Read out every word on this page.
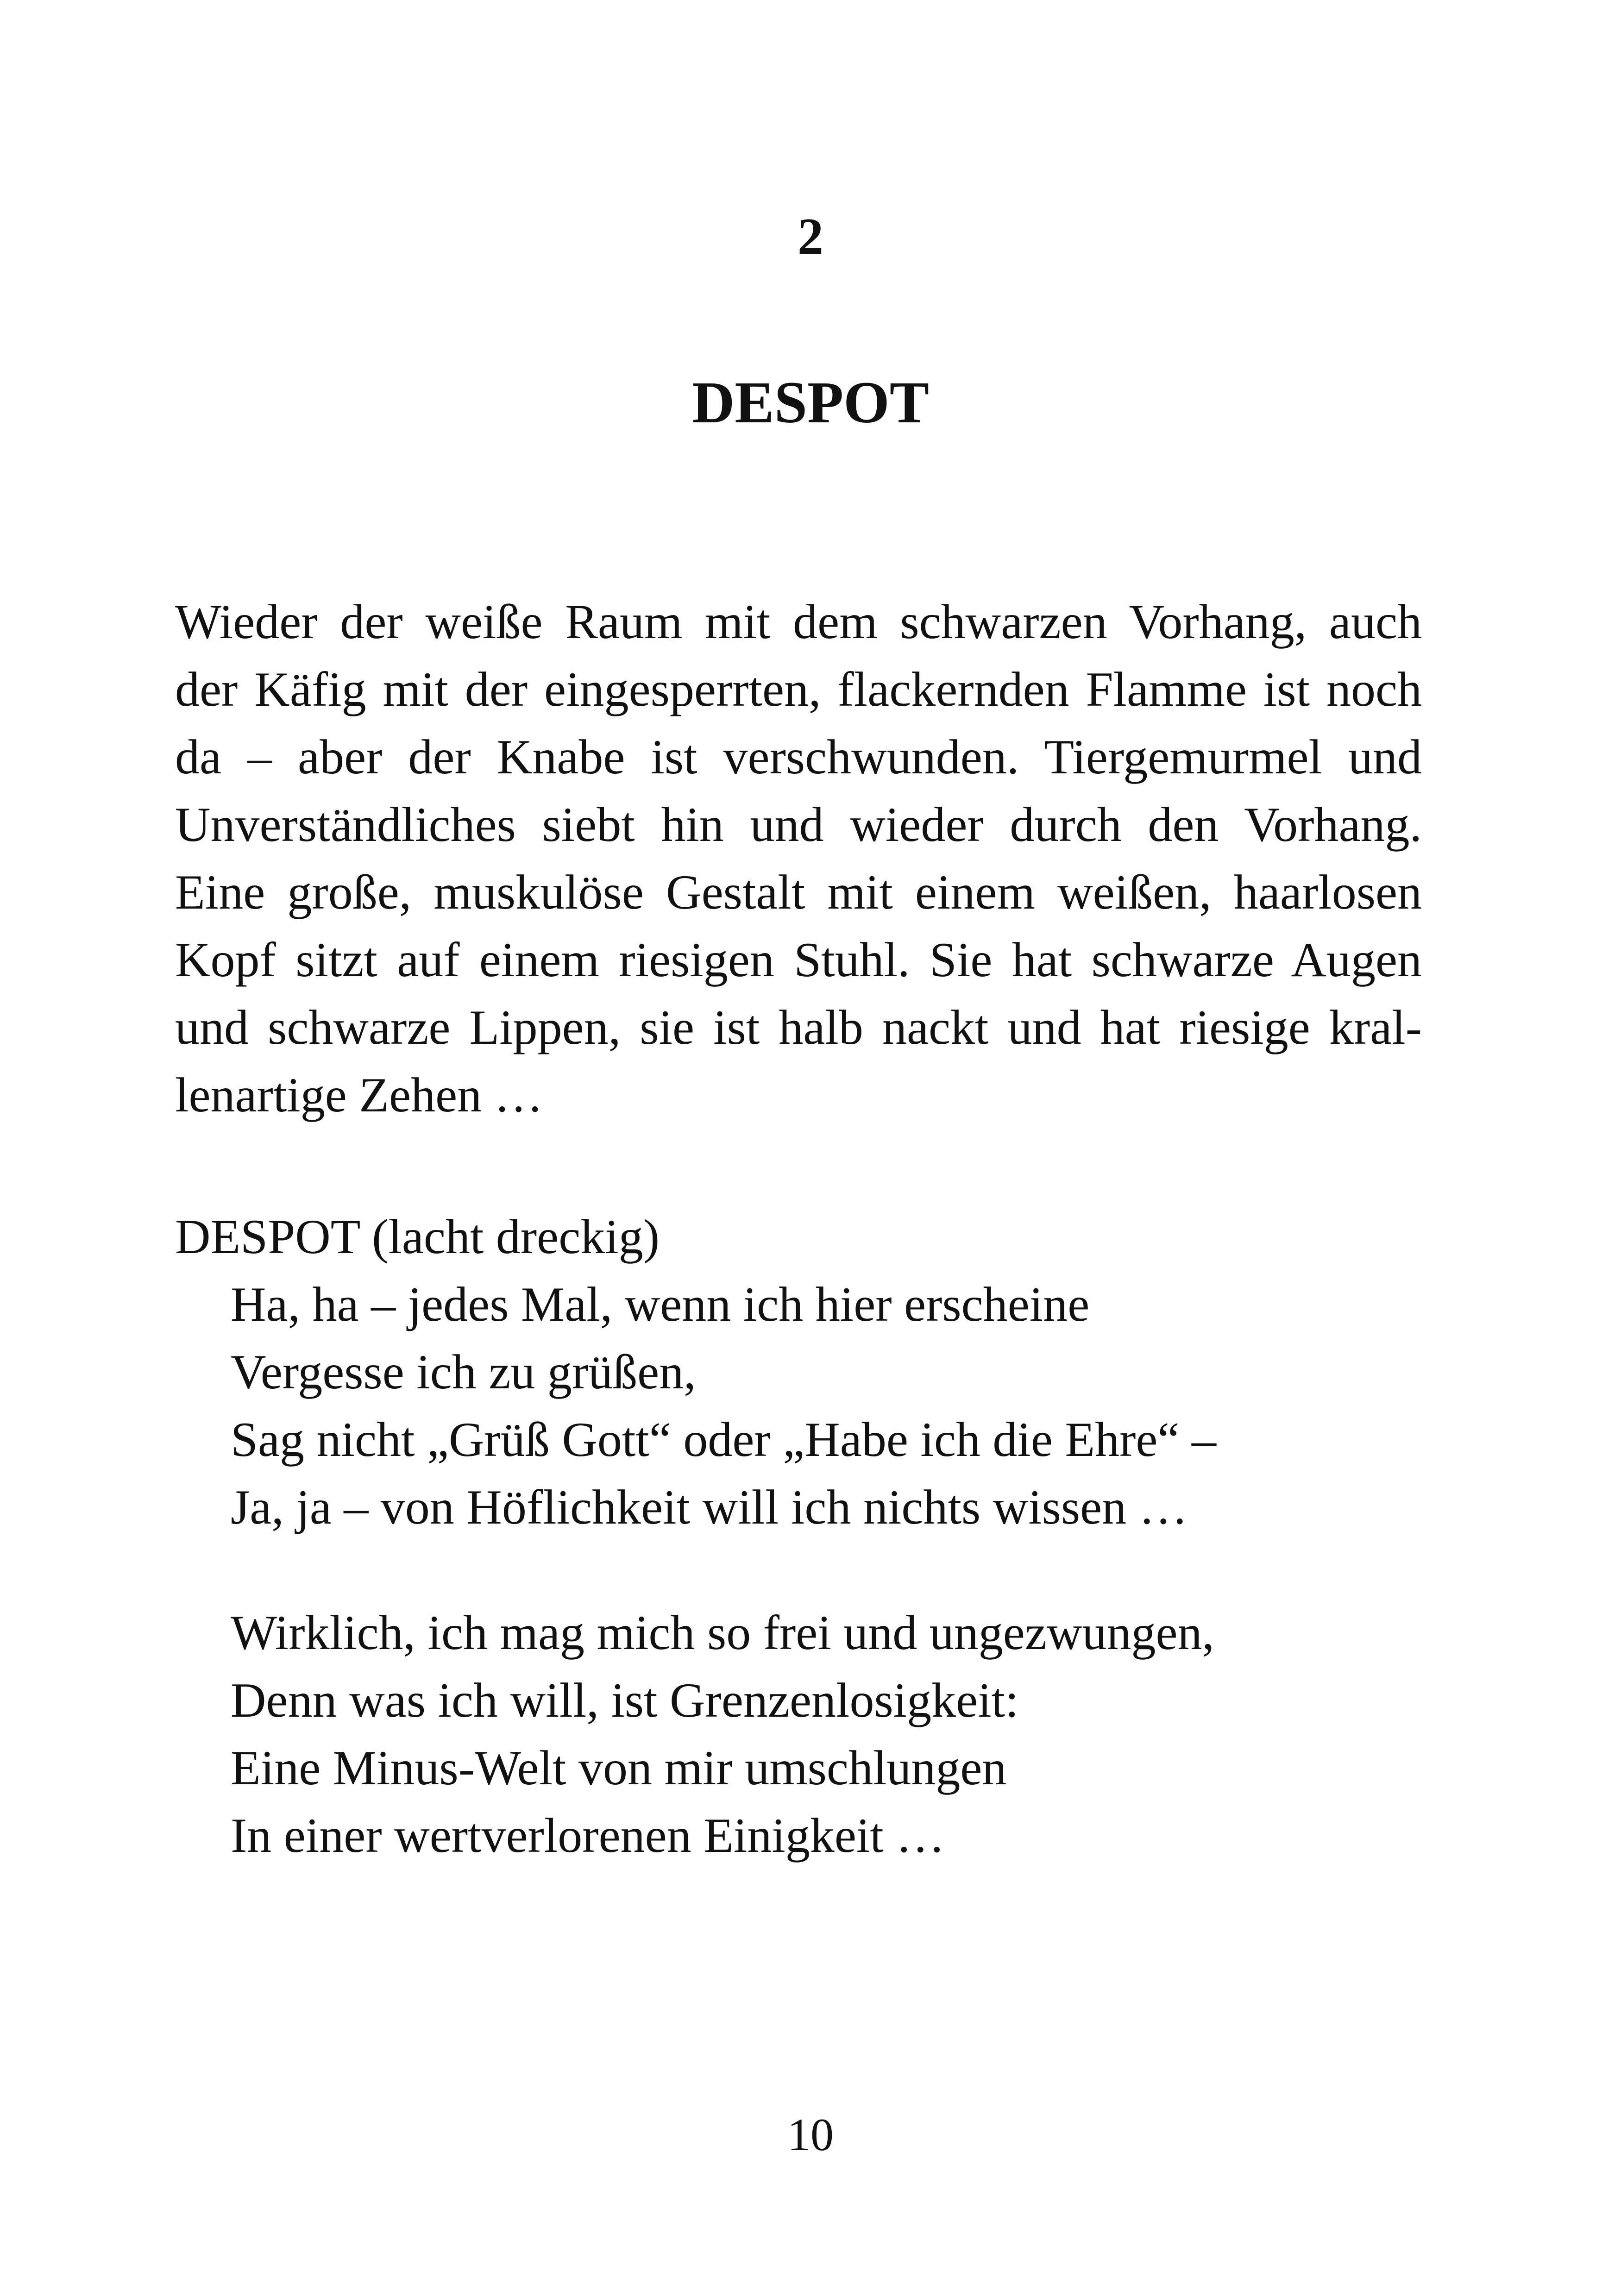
2
DESPOT
Wieder der weiße Raum mit dem schwarzen Vorhang, auch
der Käfig mit der eingesperrten, flackernden Flamme ist noch
da – aber der Knabe ist verschwunden. Tiergemurmel und
Unverständliches siebt hin und wieder durch den Vorhang.
Eine große, muskulöse Gestalt mit einem weißen, haarlosen
Kopf sitzt auf einem riesigen Stuhl. Sie hat schwarze Augen
und schwarze Lippen, sie ist halb nackt und hat riesige kral-
lenartige Zehen …
DESPOT (lacht dreckig)
Ha, ha – jedes Mal, wenn ich hier erscheine
Vergesse ich zu grüßen,
Sag nicht „Grüß Gott“ oder „Habe ich die Ehre“ –
Ja, ja – von Höflichkeit will ich nichts wissen …
Wirklich, ich mag mich so frei und ungezwungen,
Denn was ich will, ist Grenzenlosigkeit:
Eine Minus-Welt von mir umschlungen
In einer wertverlorenen Einigkeit …
10
